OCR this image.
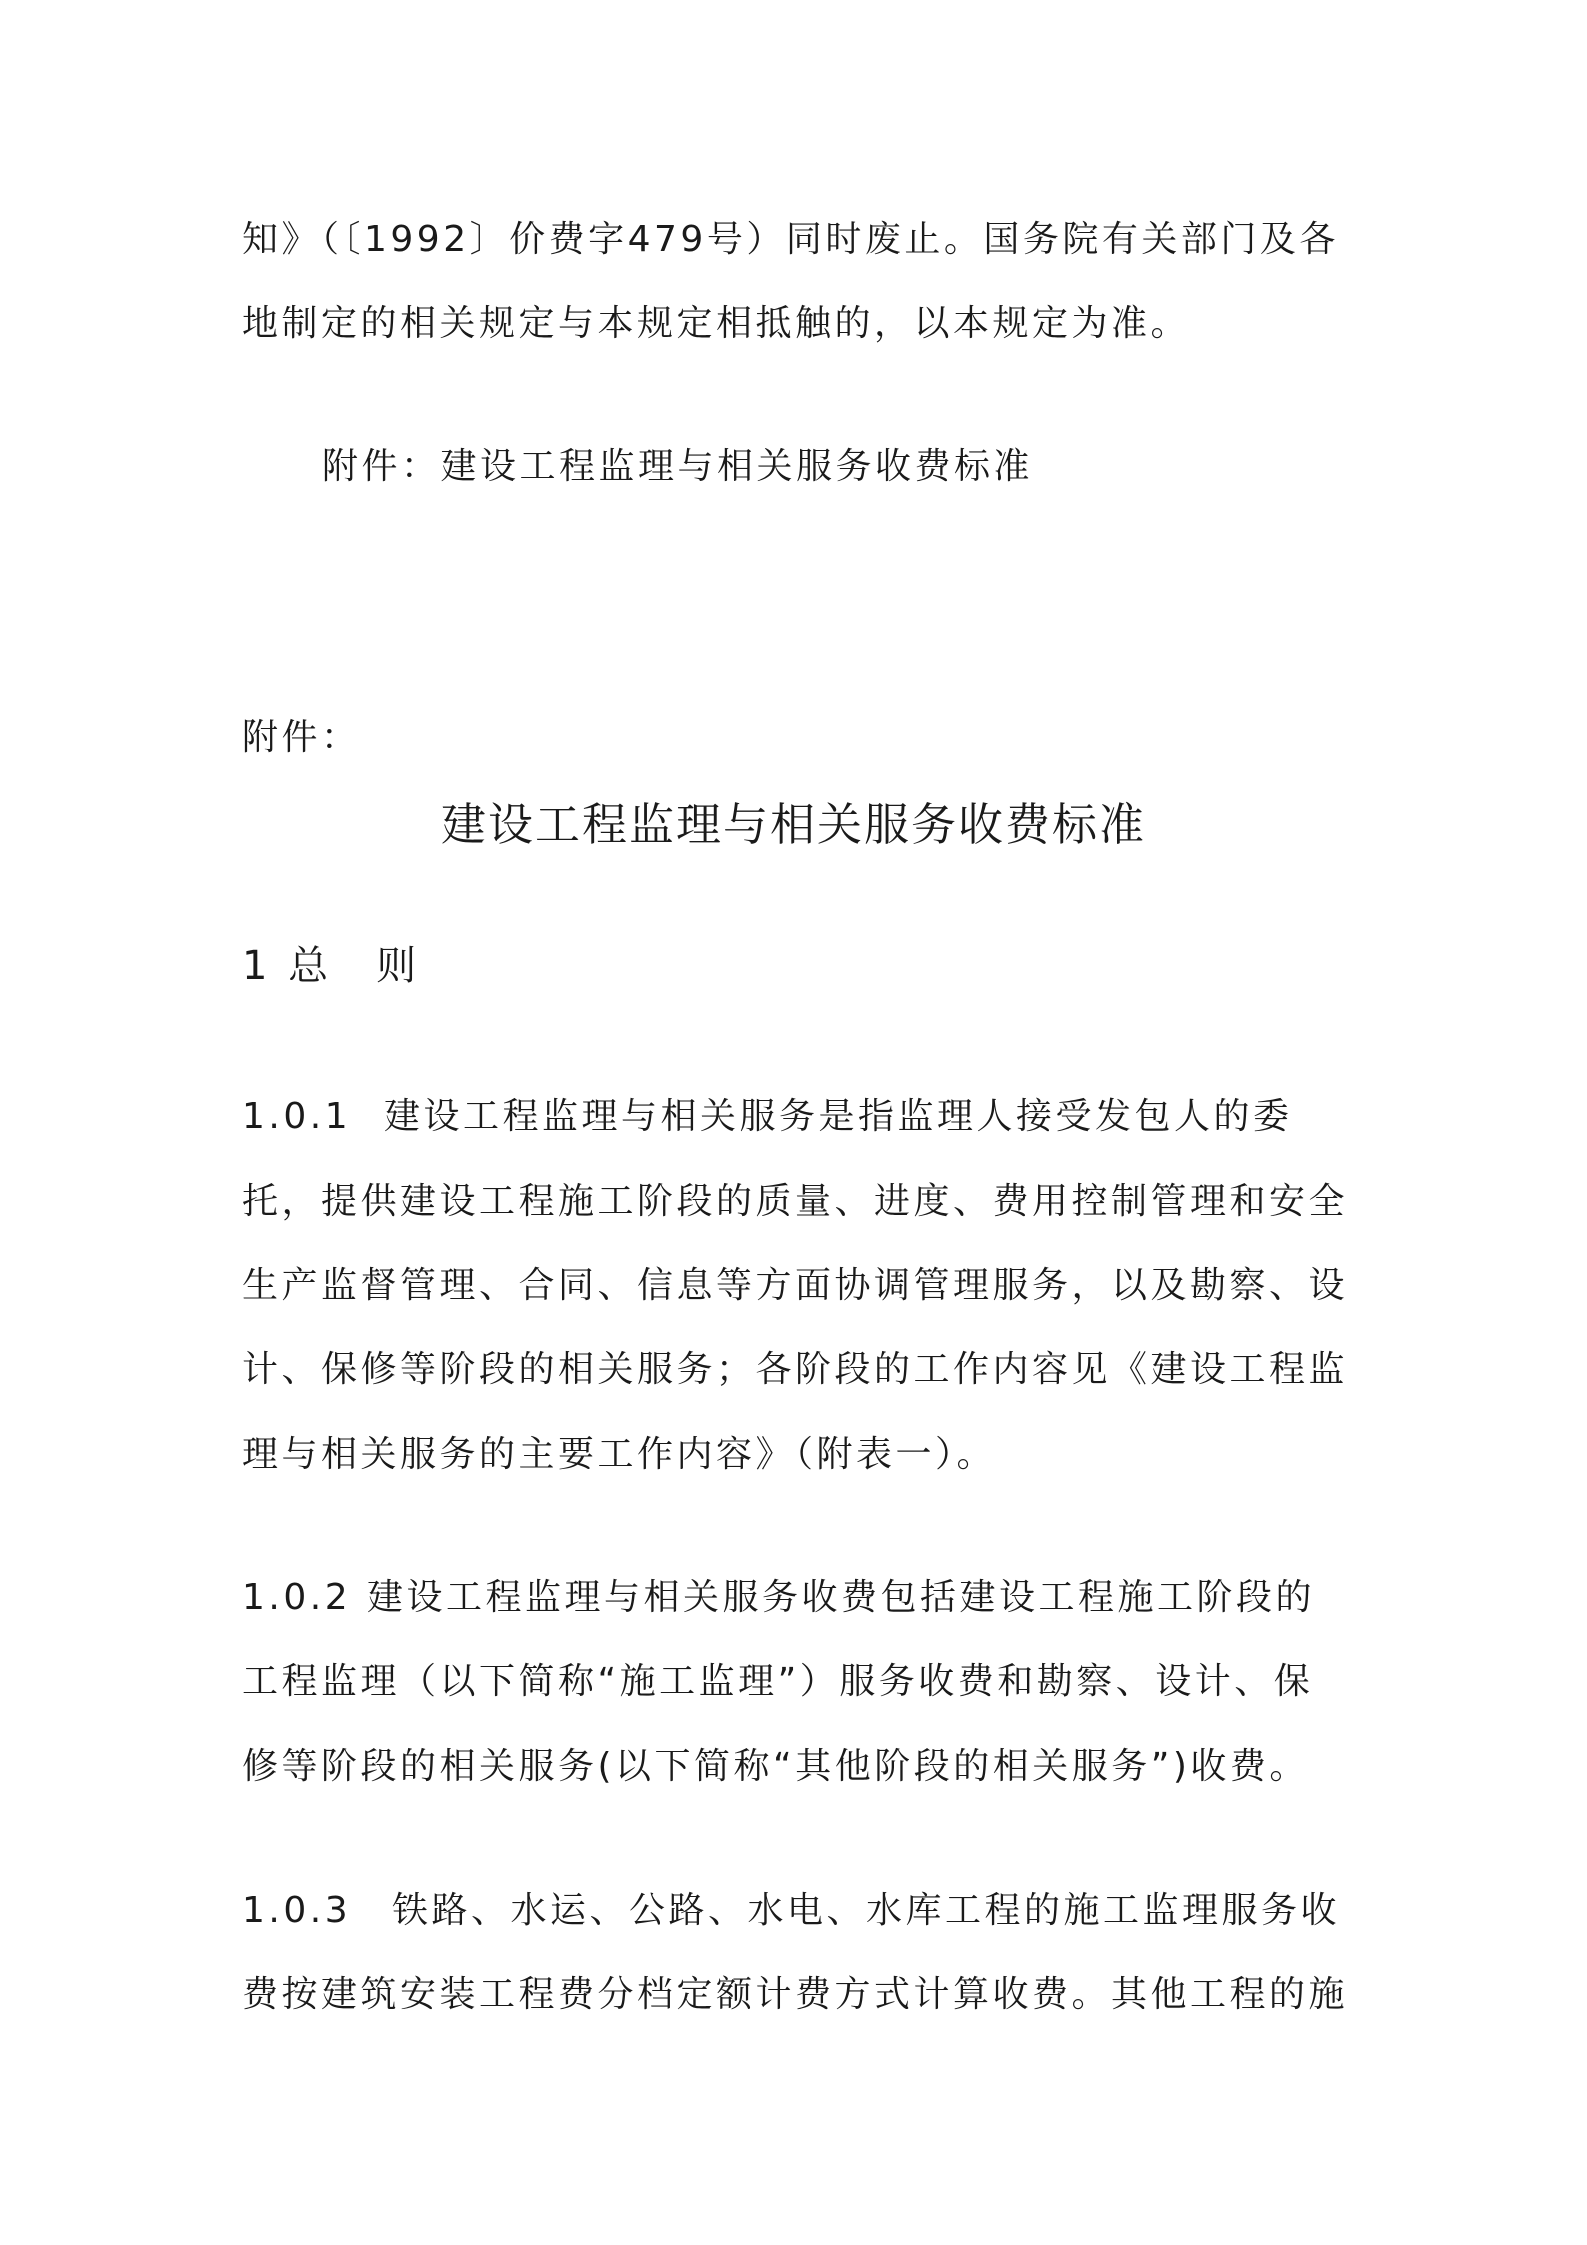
知》（〔1992〕价费字479号）同时废止。国务院有关部门及各
地制定的相关规定与本规定相抵触的，以本规定为准。
附件：建设工程监理与相关服务收费标准
附件：
建设工程监理与相关服务收费标准
1 总　则
1.0.1 建设工程监理与相关服务是指监理人接受发包人的委
托，提供建设工程施工阶段的质量、进度、费用控制管理和安全
生产监督管理、合同、信息等方面协调管理服务，以及勘察、设
计、保修等阶段的相关服务；各阶段的工作内容见《建设工程监
理与相关服务的主要工作内容》（附表一）。
1.0.2 建设工程监理与相关服务收费包括建设工程施工阶段的
工程监理（以下简称“施工监理”）服务收费和勘察、设计、保
修等阶段的相关服务(以下简称“其他阶段的相关服务”)收费。
1.0.3 铁路、水运、公路、水电、水库工程的施工监理服务收
费按建筑安装工程费分档定额计费方式计算收费。其他工程的施
